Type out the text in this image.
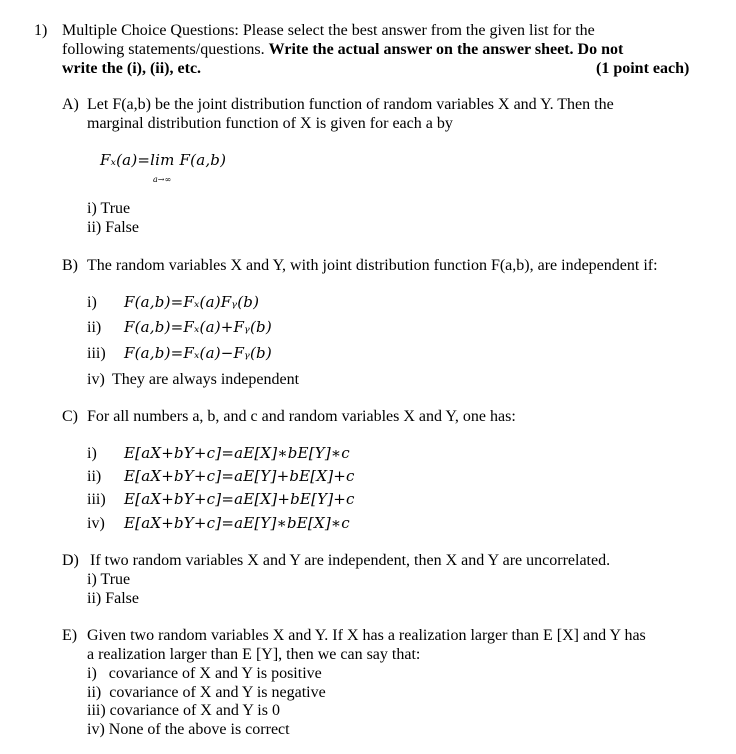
1) Multiple Choice Questions: Please select the best answer from the given list for the
following statements/questions. Write the actual answer on the answer sheet. Do not
write the (i), (ii), etc.	(1 point each)
A) Let F(a,b) be the joint distribution function of random variables X and Y. Then the
marginal distribution function of X is given for each a by
Fₓ(a)=lim F(a,b)
a→∞
i) True
ii) False
B) The random variables X and Y, with joint distribution function F(a,b), are independent if:
i) F(a,b)=Fₓ(a)Fᵧ(b)
ii) F(a,b)=Fₓ(a)+Fᵧ(b)
iii) F(a,b)=Fₓ(a)−Fᵧ(b)
iv) They are always independent
C) For all numbers a, b, and c and random variables X and Y, one has:
i) E[aX+bY+c]=aE[X]∗bE[Y]∗c
ii) E[aX+bY+c]=aE[Y]+bE[X]+c
iii) E[aX+bY+c]=aE[X]+bE[Y]+c
iv) E[aX+bY+c]=aE[Y]∗bE[X]∗c
D) If two random variables X and Y are independent, then X and Y are uncorrelated.
i) True
ii) False
E) Given two random variables X and Y. If X has a realization larger than E [X] and Y has
a realization larger than E [Y], then we can say that:
i)   covariance of X and Y is positive
ii)  covariance of X and Y is negative
iii) covariance of X and Y is 0
iv) None of the above is correct
